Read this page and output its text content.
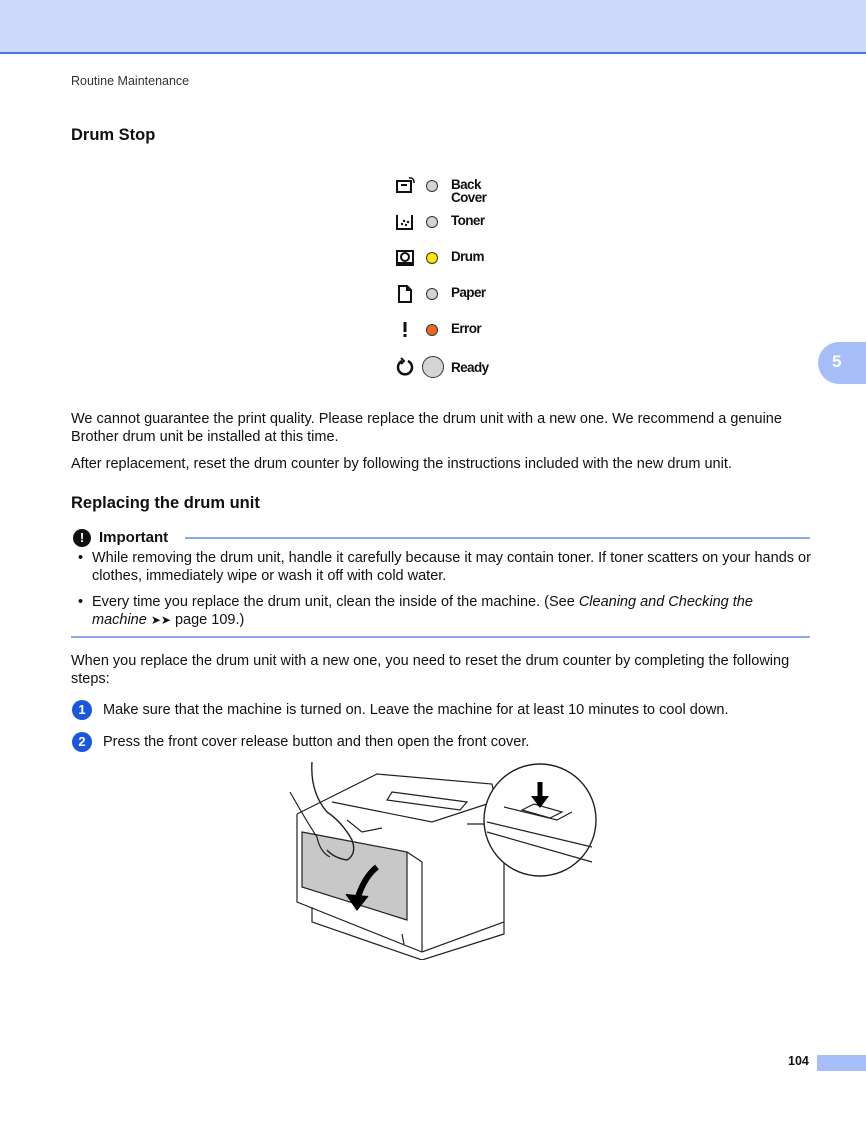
Routine Maintenance
Drum Stop
Back
Cover
Toner
Drum
Paper
Error
Ready	5
We cannot guarantee the print quality. Please replace the drum unit with a new one. We recommend a genuine Brother drum unit be installed at this time.
After replacement, reset the drum counter by following the instructions included with the new drum unit.
Replacing the drum unit
! Important
• While removing the drum unit, handle it carefully because it may contain toner. If toner scatters on your hands or clothes, immediately wipe or wash it off with cold water.
• Every time you replace the drum unit, clean the inside of the machine. (See Cleaning and Checking the
machine ➤➤ page 109.)
When you replace the drum unit with a new one, you need to reset the drum counter by completing the following steps:
1	Make sure that the machine is turned on. Leave the machine for at least 10 minutes to cool down.
2	Press the front cover release button and then open the front cover.
104
